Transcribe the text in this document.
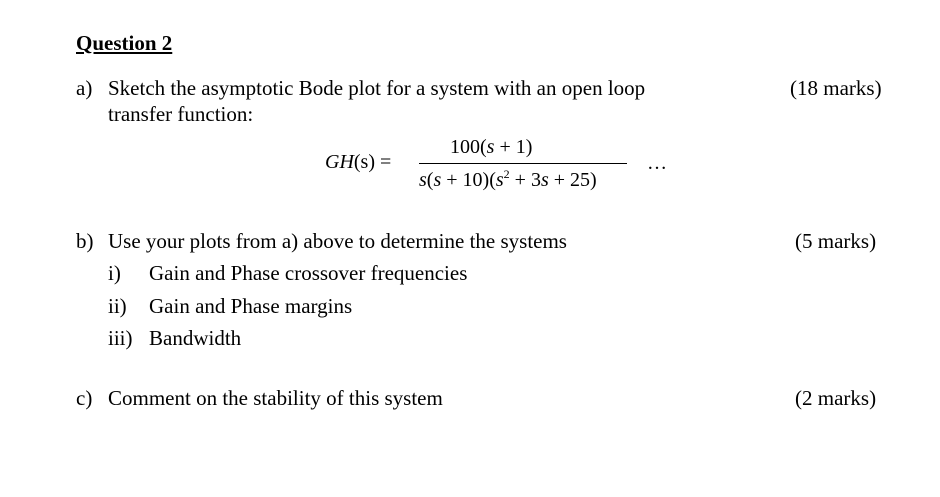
Question 2
a) Sketch the asymptotic Bode plot for a system with an open loop
transfer function:
(18 marks)
GH(s) =
100(s + 1)
$s(s + 10)(s^2 + 3s + 25)$
…
b) Use your plots from a) above to determine the systems	(5 marks)
i) Gain and Phase crossover frequencies
ii) Gain and Phase margins
iii) Bandwidth
c) Comment on the stability of this system	(2 marks)
